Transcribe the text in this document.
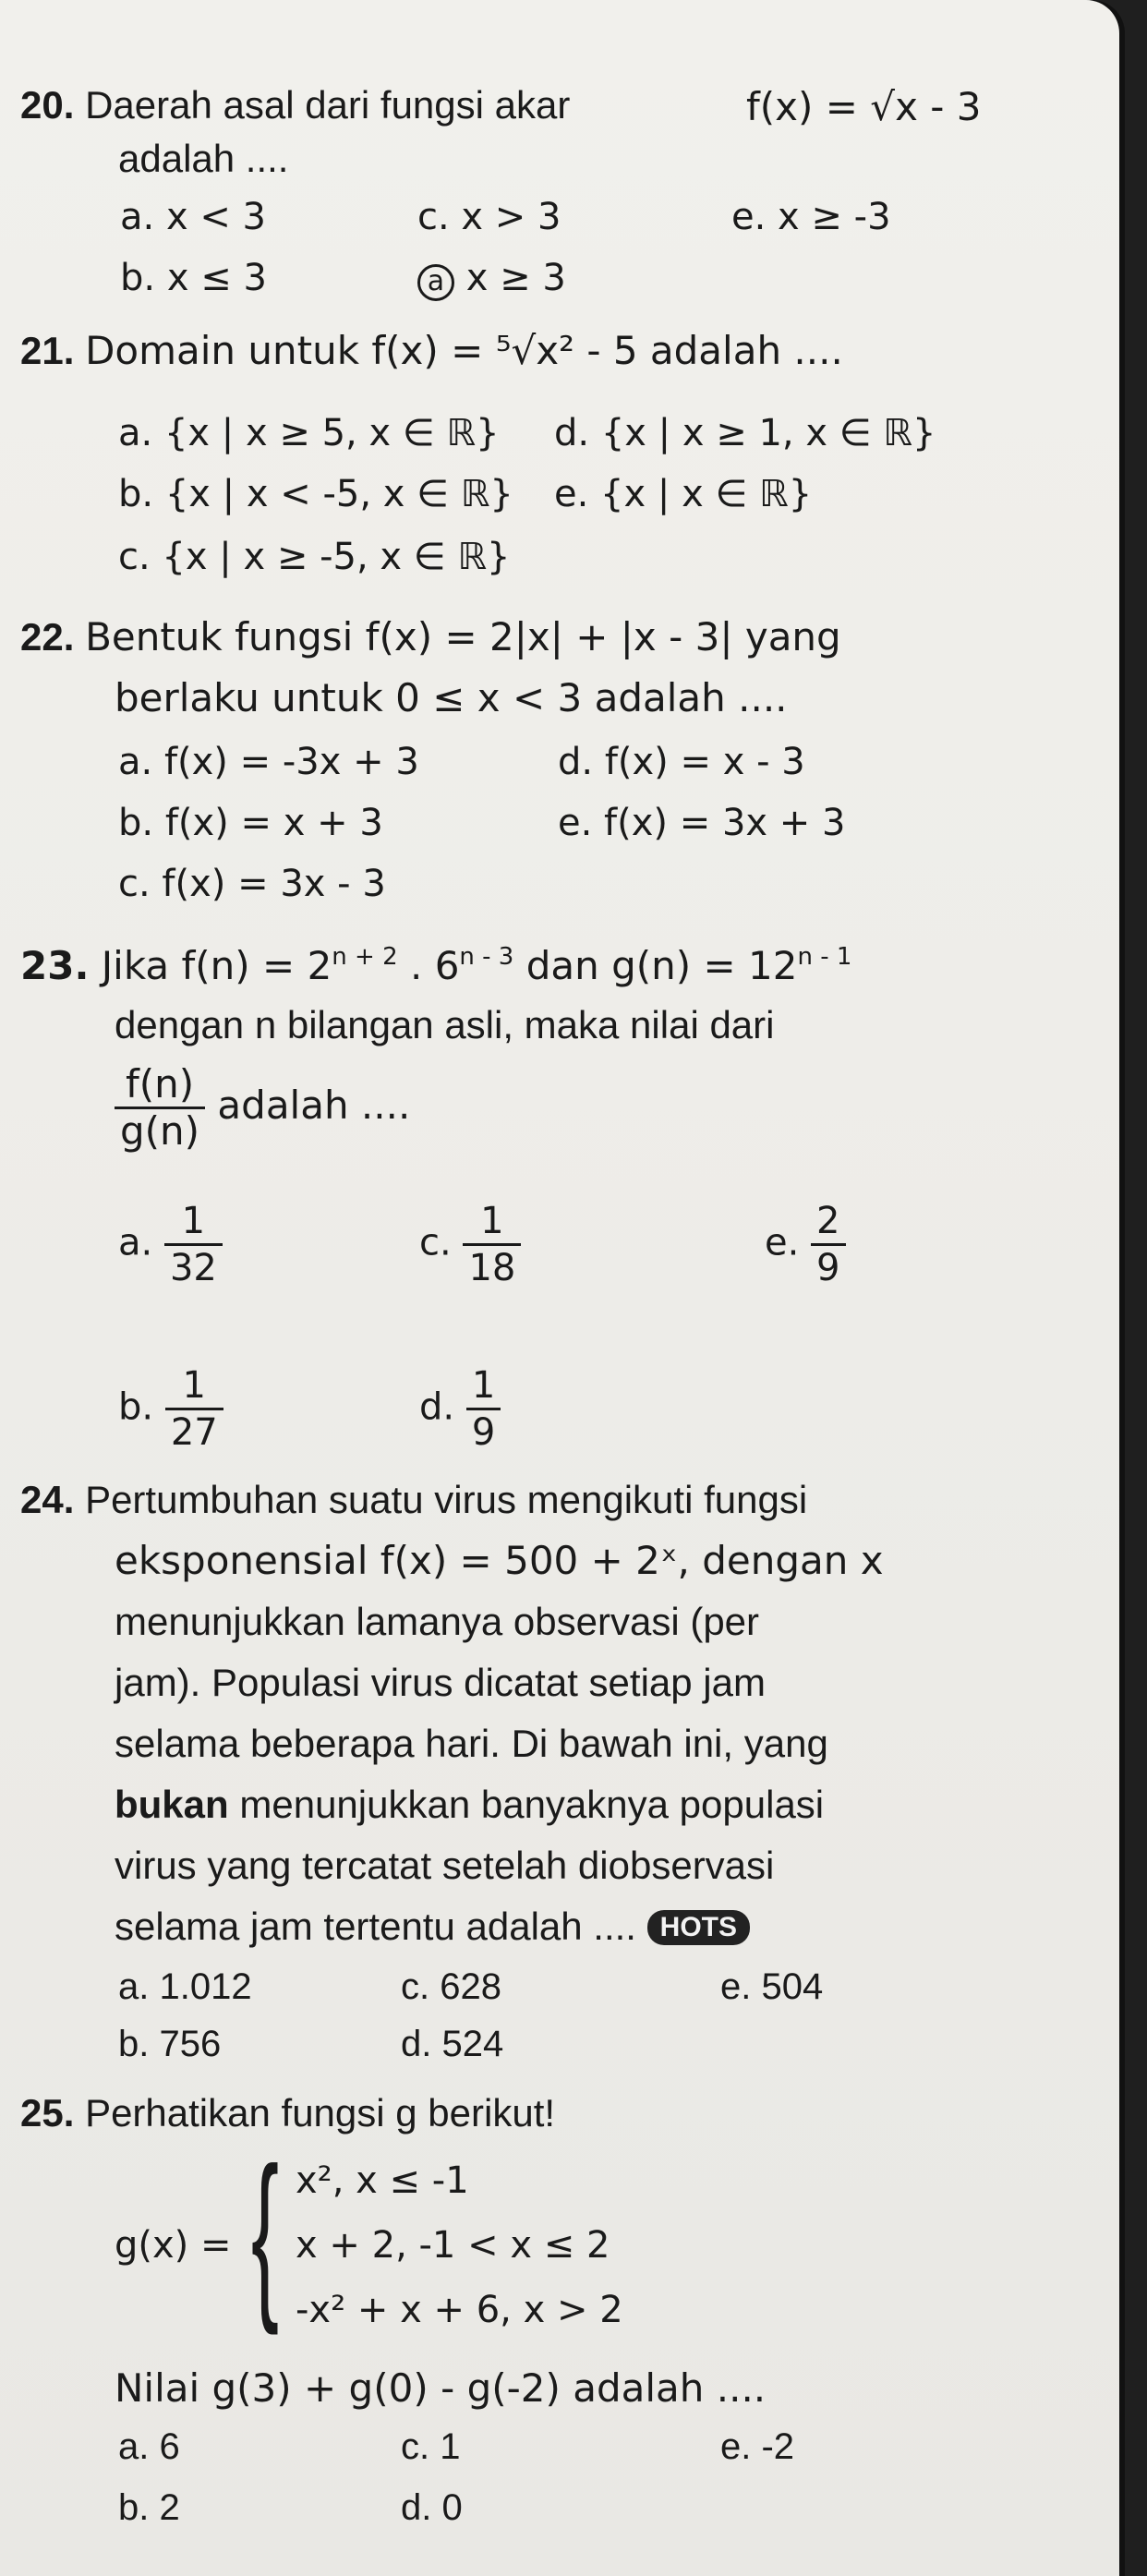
20. Daerah asal dari fungsi akar	f(x) = √x - 3
adalah ....
a. x < 3
b. x ≤ 3
c. x > 3
a x ≥ 3
e. x ≥ -3
21. Domain untuk f(x) = ⁵√x² - 5 adalah ....
a. {x | x ≥ 5, x ∈ ℝ}
b. {x | x < -5, x ∈ ℝ}
c. {x | x ≥ -5, x ∈ ℝ}
d. {x | x ≥ 1, x ∈ ℝ}
e. {x | x ∈ ℝ}
22. Bentuk fungsi f(x) = 2|x| + |x - 3| yang
berlaku untuk 0 ≤ x < 3 adalah ....
a. f(x) = -3x + 3
b. f(x) = x + 3
c. f(x) = 3x - 3
d. f(x) = x - 3
e. f(x) = 3x + 3
23. Jika $f(n) = 2^{n + 2}$ . 6$^{n - 3}$ dan $g(n) = 12^{n - 1}$
dengan n bilangan asli, maka nilai dari
$\frac{f(n)}{g(n)}$ adalah ....
a. $\frac{1}{32}$
b. $\frac{1}{27}$
c. $\frac{1}{18}$
d. $\frac{1}{9}$
e. $\frac{2}{9}$
24. Pertumbuhan suatu virus mengikuti fungsi
eksponensial f(x) = 500 + 2ˣ, dengan x
menunjukkan lamanya observasi (per
jam). Populasi virus dicatat setiap jam
selama beberapa hari. Di bawah ini, yang
bukan menunjukkan banyaknya populasi
virus yang tercatat setelah diobservasi
selama jam tertentu adalah .... HOTS
a. 1.012
b. 756
c. 628
d. 524
e. 504
25. Perhatikan fungsi g berikut!
g(x) = { x², x ≤ -1
x + 2, -1 < x ≤ 2
-x² + x + 6, x > 2
Nilai g(3) + g(0) - g(-2) adalah ....
a. 6
b. 2
c. 1
d. 0
e. -2
